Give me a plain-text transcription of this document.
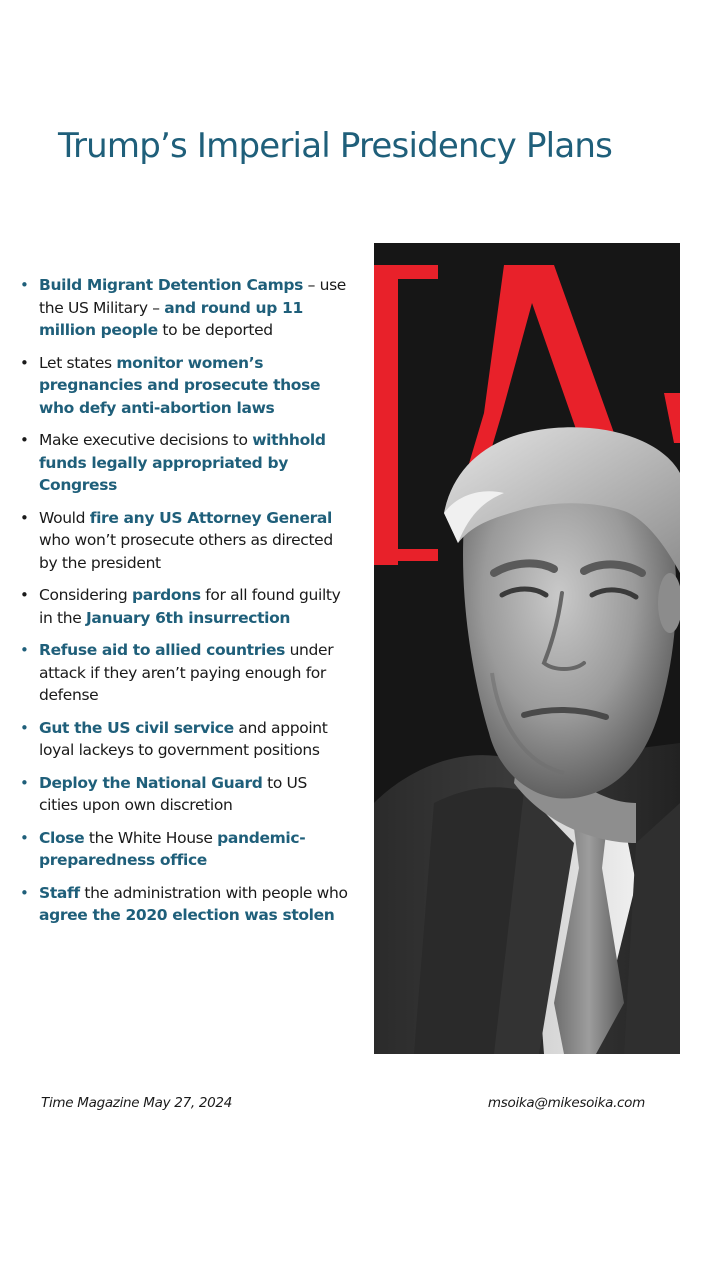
Trump’s Imperial Presidency Plans
• Build Migrant Detention Camps – use the US Military – and round up 11 million people to be deported
• Let states monitor women’s pregnancies and prosecute those who defy anti-abortion laws
• Make executive decisions to withhold funds legally appropriated by Congress
• Would fire any US Attorney General who won’t prosecute others as directed by the president
• Considering pardons for all found guilty in the January 6th insurrection
• Refuse aid to allied countries under attack if they aren’t paying enough for defense
• Gut the US civil service and appoint loyal lackeys to government positions
• Deploy the National Guard to US cities upon own discretion
• Close the White House pandemic-preparedness office
• Staff the administration with people who agree the 2020 election was stolen
Time Magazine May 27, 2024	msoika@mikesoika.com
